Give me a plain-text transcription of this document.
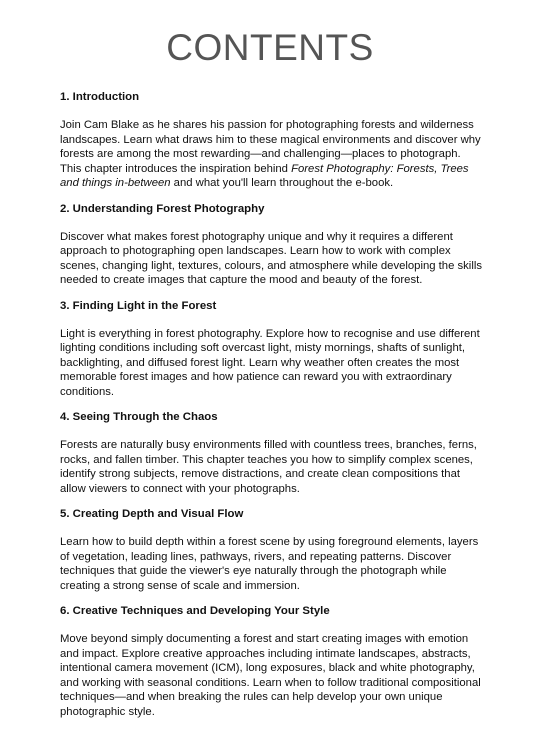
CONTENTS
1. Introduction

Join Cam Blake as he shares his passion for photographing forests and wilderness landscapes. Learn what draws him to these magical environments and discover why forests are among the most rewarding—and challenging—places to photograph. This chapter introduces the inspiration behind Forest Photography: Forests, Trees and things in-between and what you'll learn throughout the e-book.

2. Understanding Forest Photography

Discover what makes forest photography unique and why it requires a different approach to photographing open landscapes. Learn how to work with complex scenes, changing light, textures, colours, and atmosphere while developing the skills needed to create images that capture the mood and beauty of the forest.

3. Finding Light in the Forest

Light is everything in forest photography. Explore how to recognise and use different lighting conditions including soft overcast light, misty mornings, shafts of sunlight, backlighting, and diffused forest light. Learn why weather often creates the most memorable forest images and how patience can reward you with extraordinary conditions.

4. Seeing Through the Chaos

Forests are naturally busy environments filled with countless trees, branches, ferns, rocks, and fallen timber. This chapter teaches you how to simplify complex scenes, identify strong subjects, remove distractions, and create clean compositions that allow viewers to connect with your photographs.

5. Creating Depth and Visual Flow

Learn how to build depth within a forest scene by using foreground elements, layers of vegetation, leading lines, pathways, rivers, and repeating patterns. Discover techniques that guide the viewer's eye naturally through the photograph while creating a strong sense of scale and immersion.

6. Creative Techniques and Developing Your Style

Move beyond simply documenting a forest and start creating images with emotion and impact. Explore creative approaches including intimate landscapes, abstracts, intentional camera movement (ICM), long exposures, black and white photography, and working with seasonal conditions. Learn when to follow traditional compositional techniques—and when breaking the rules can help develop your own unique photographic style.
